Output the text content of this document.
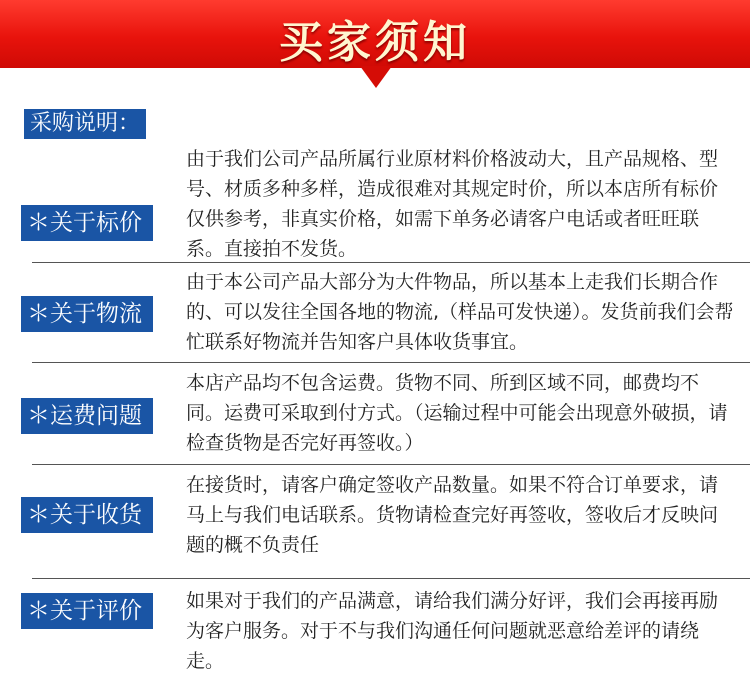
买家须知
采购说明：
＊关于标价
由于我们公司产品所属行业原材料价格波动大，且产品规格、型号、材质多种多样，造成很难对其规定时价，所以本店所有标价仅供参考，非真实价格，如需下单务必请客户电话或者旺旺联系。直接拍不发货。
＊关于物流
由于本公司产品大部分为大件物品，所以基本上走我们长期合作的、可以发往全国各地的物流,（样品可发快递）。发货前我们会帮忙联系好物流并告知客户具体收货事宜。
＊运费问题
本店产品均不包含运费。货物不同、所到区域不同，邮费均不同。运费可采取到付方式。（运输过程中可能会出现意外破损，请检查货物是否完好再签收。）
＊关于收货
在接货时，请客户确定签收产品数量。如果不符合订单要求，请马上与我们电话联系。货物请检查完好再签收，签收后才反映问题的概不负责任
＊关于评价	如果对于我们的产品满意，请给我们满分好评，我们会再接再励为客户服务。对于不与我们沟通任何问题就恶意给差评的请绕走。
